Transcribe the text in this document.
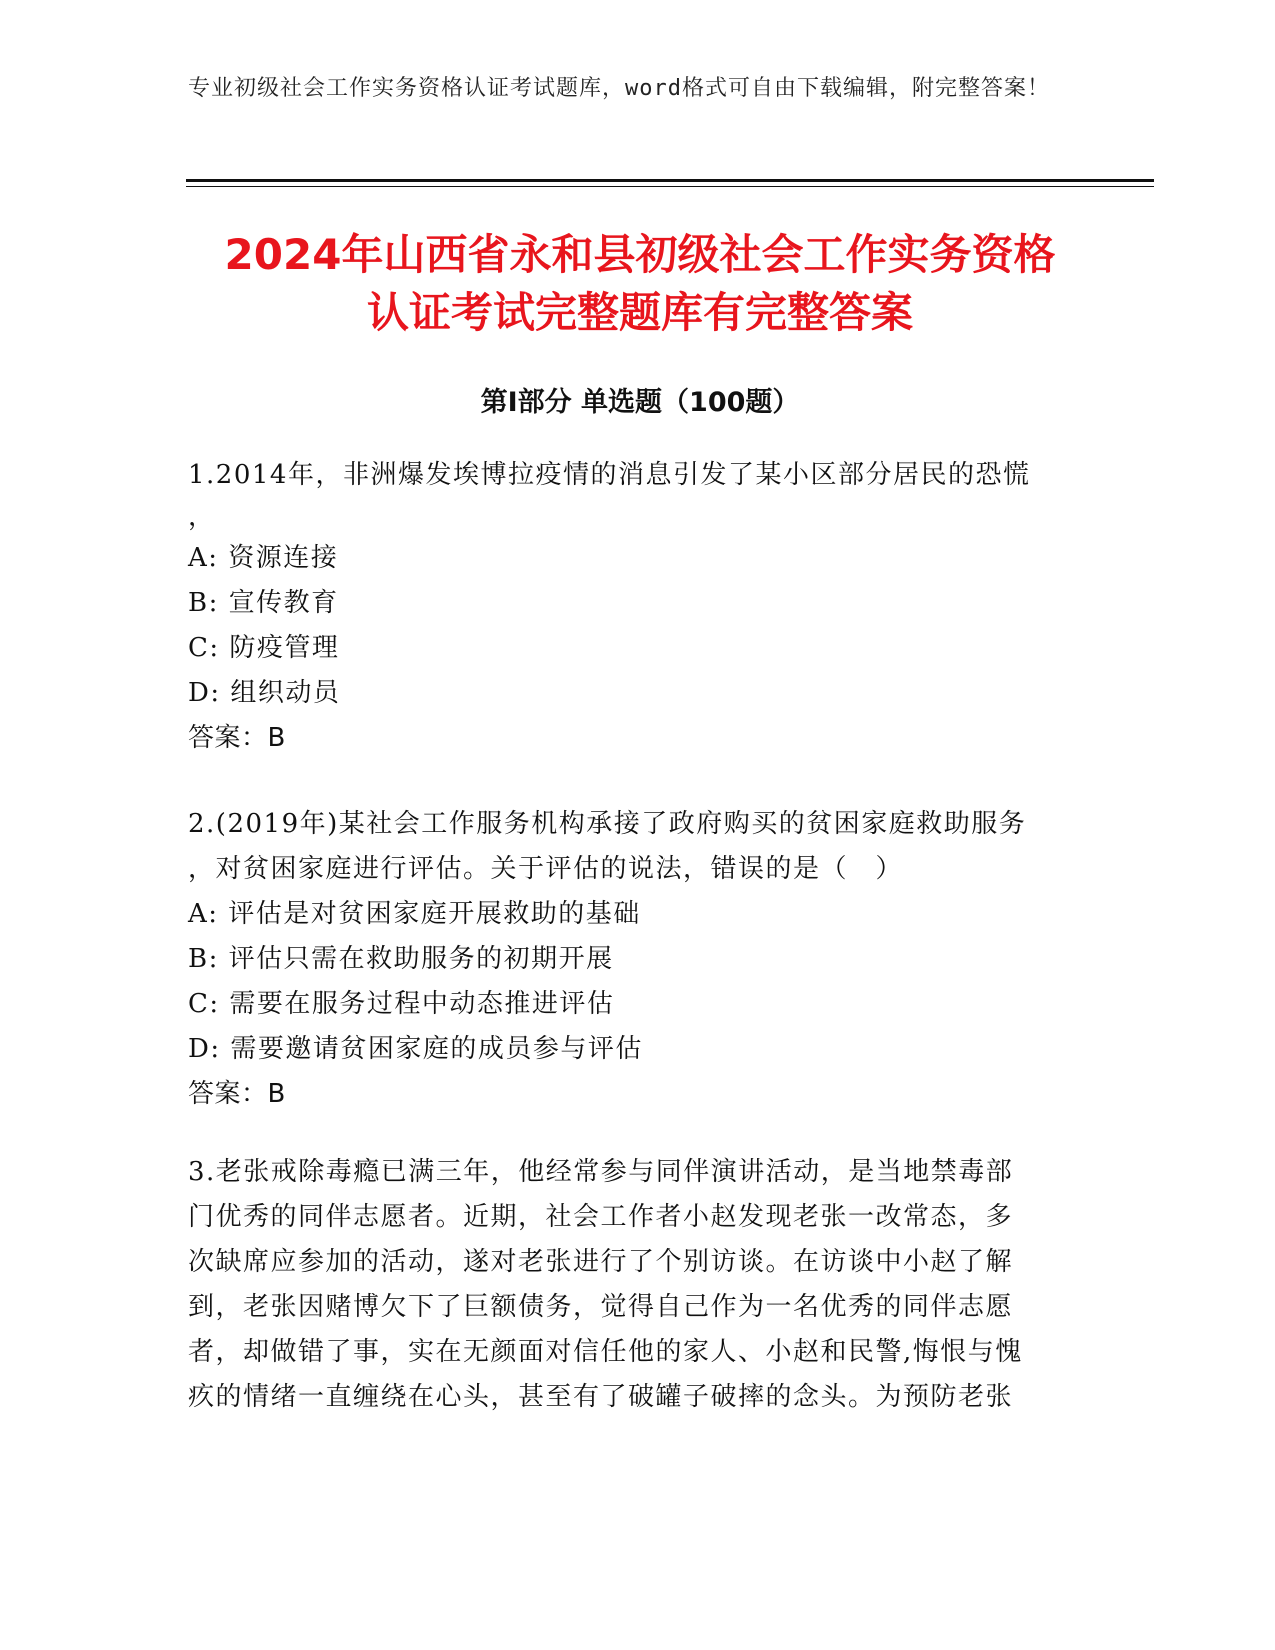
专业初级社会工作实务资格认证考试题库，word格式可自由下载编辑，附完整答案！
2024年山西省永和县初级社会工作实务资格
认证考试完整题库有完整答案
第Ⅰ部分 单选题（100题）
1.2014年，非洲爆发埃博拉疫情的消息引发了某小区部分居民的恐慌
，
A: 资源连接
B: 宣传教育
C: 防疫管理
D: 组织动员
答案：B
2.(2019年)某社会工作服务机构承接了政府购买的贫困家庭救助服务
，对贫困家庭进行评估。关于评估的说法，错误的是（　）
A: 评估是对贫困家庭开展救助的基础
B: 评估只需在救助服务的初期开展
C: 需要在服务过程中动态推进评估
D: 需要邀请贫困家庭的成员参与评估
答案：B
3.老张戒除毒瘾已满三年，他经常参与同伴演讲活动，是当地禁毒部
门优秀的同伴志愿者。近期，社会工作者小赵发现老张一改常态，多
次缺席应参加的活动，遂对老张进行了个别访谈。在访谈中小赵了解
到，老张因赌博欠下了巨额债务，觉得自己作为一名优秀的同伴志愿
者，却做错了事，实在无颜面对信任他的家人、小赵和民警,悔恨与愧
疚的情绪一直缠绕在心头，甚至有了破罐子破摔的念头。为预防老张
